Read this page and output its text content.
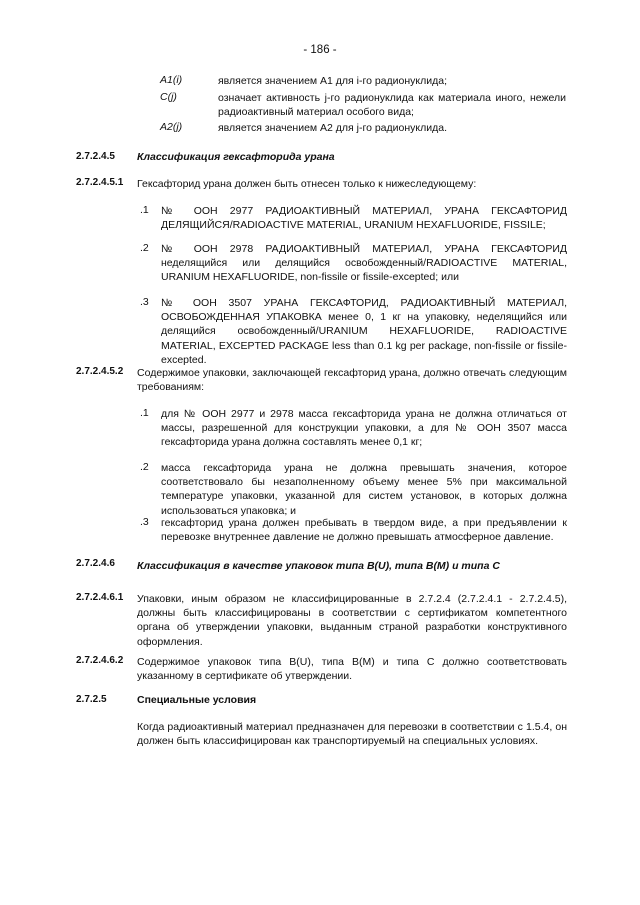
- 186 -
A1(i)	является значением A1 для i-го радионуклида;
C(j)	означает активность j-го радионуклида как материала иного, нежели радиоактивный материал особого вида;
A2(j)	является значением A2 для j-го радионуклида.
2.7.2.4.5 Классификация гексафторида урана
2.7.2.4.5.1 Гексафторид урана должен быть отнесен только к нижеследующему:
.1 № ООН 2977 РАДИОАКТИВНЫЙ МАТЕРИАЛ, УРАНА ГЕКСАФТОРИД ДЕЛЯЩИЙСЯ/RADIOACTIVE MATERIAL, URANIUM HEXAFLUORIDE, FISSILE;
.2 № ООН 2978 РАДИОАКТИВНЫЙ МАТЕРИАЛ, УРАНА ГЕКСАФТОРИД неделящийся или делящийся освобожденный/RADIOACTIVE MATERIAL, URANIUM HEXAFLUORIDE, non-fissile or fissile-excepted; или
.3 № ООН 3507 УРАНА ГЕКСАФТОРИД, РАДИОАКТИВНЫЙ МАТЕРИАЛ, ОСВОБОЖДЕННАЯ УПАКОВКА менее 0, 1 кг на упаковку, неделящийся или делящийся освобожденный/URANIUM HEXAFLUORIDE, RADIOACTIVE MATERIAL, EXCEPTED PACKAGE less than 0.1 kg per package, non-fissile or fissile-excepted.
2.7.2.4.5.2 Содержимое упаковки, заключающей гексафторид урана, должно отвечать следующим требованиям:
.1 для № ООН 2977 и 2978 масса гексафторида урана не должна отличаться от массы, разрешенной для конструкции упаковки, а для № ООН 3507 масса гексафторида урана должна составлять менее 0,1 кг;
.2 масса гексафторида урана не должна превышать значения, которое соответствовало бы незаполненному объему менее 5% при максимальной температуре упаковки, указанной для систем установок, в которых должна использоваться упаковка; и
.3 гексафторид урана должен пребывать в твердом виде, а при предъявлении к перевозке внутреннее давление не должно превышать атмосферное давление.
2.7.2.4.6 Классификация в качестве упаковок типа B(U), типа B(M) и типа C
2.7.2.4.6.1 Упаковки, иным образом не классифицированные в 2.7.2.4 (2.7.2.4.1 - 2.7.2.4.5), должны быть классифицированы в соответствии с сертификатом компетентного органа об утверждении упаковки, выданным страной разработки конструктивного оформления.
2.7.2.4.6.2 Содержимое упаковок типа B(U), типа B(M) и типа C должно соответствовать указанному в сертификате об утверждении.
2.7.2.5	Специальные условия
Когда радиоактивный материал предназначен для перевозки в соответствии с 1.5.4, он должен быть классифицирован как транспортируемый на специальных условиях.
